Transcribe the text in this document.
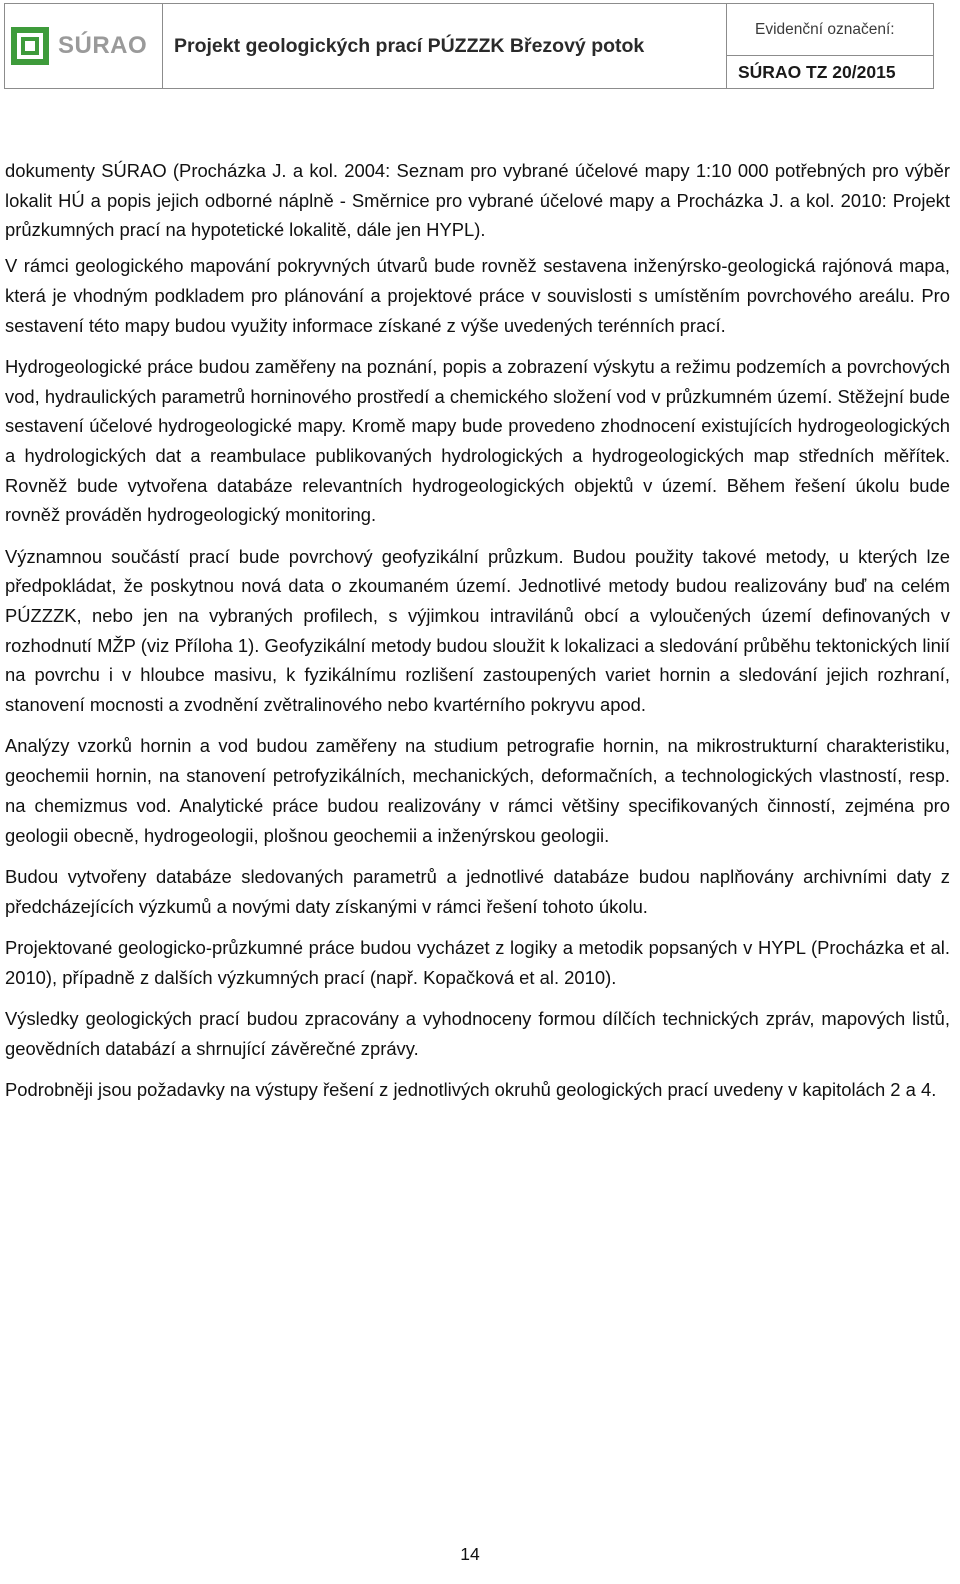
SÚRAO	Projekt geologických prací PÚZZZK Březový potok
Evidenční označení:
SÚRAO TZ 20/2015

dokumenty SÚRAO (Procházka J. a kol. 2004: Seznam pro vybrané účelové mapy 1:10 000 potřebných pro výběr lokalit HÚ a popis jejich odborné náplně - Směrnice pro vybrané účelové mapy a Procházka J. a kol. 2010: Projekt průzkumných prací na hypotetické lokalitě, dále jen HYPL).

V rámci geologického mapování pokryvných útvarů bude rovněž sestavena inženýrsko-geologická rajónová mapa, která je vhodným podkladem pro plánování a projektové práce v souvislosti s umístěním povrchového areálu. Pro sestavení této mapy budou využity informace získané z výše uvedených terénních prací.

Hydrogeologické práce budou zaměřeny na poznání, popis a zobrazení výskytu a režimu podzemích a povrchových vod, hydraulických parametrů horninového prostředí a chemického složení vod v průzkumném území. Stěžejní bude sestavení účelové hydrogeologické mapy. Kromě mapy bude provedeno zhodnocení existujících hydrogeologických a hydrologických dat a reambulace publikovaných hydrologických a hydrogeologických map středních měřítek. Rovněž bude vytvořena databáze relevantních hydrogeologických objektů v území. Během řešení úkolu bude rovněž prováděn hydrogeologický monitoring.

Významnou součástí prací bude povrchový geofyzikální průzkum. Budou použity takové metody, u kterých lze předpokládat, že poskytnou nová data o zkoumaném území. Jednotlivé metody budou realizovány buď na celém PÚZZZK, nebo jen na vybraných profilech, s výjimkou intravilánů obcí a vyloučených území definovaných v rozhodnutí MŽP (viz Příloha 1). Geofyzikální metody budou sloužit k lokalizaci a sledování průběhu tektonických linií na povrchu i v hloubce masivu, k fyzikálnímu rozlišení zastoupených variet hornin a sledování jejich rozhraní, stanovení mocnosti a zvodnění zvětralinového nebo kvartérního pokryvu apod.

Analýzy vzorků hornin a vod budou zaměřeny na studium petrografie hornin, na mikrostrukturní charakteristiku, geochemii hornin, na stanovení petrofyzikálních, mechanických, deformačních, a technologických vlastností, resp. na chemizmus vod. Analytické práce budou realizovány v rámci většiny specifikovaných činností, zejména pro geologii obecně, hydrogeologii, plošnou geochemii a inženýrskou geologii.

Budou vytvořeny databáze sledovaných parametrů a jednotlivé databáze budou naplňovány archivními daty z předcházejících výzkumů a novými daty získanými v rámci řešení tohoto úkolu.

Projektované geologicko-průzkumné práce budou vycházet z logiky a metodik popsaných v HYPL (Procházka et al. 2010), případně z dalších výzkumných prací (např. Kopačková et al. 2010).

Výsledky geologických prací budou zpracovány a vyhodnoceny formou dílčích technických zpráv, mapových listů, geovědních databází a shrnující závěrečné zprávy.

Podrobněji jsou požadavky na výstupy řešení z jednotlivých okruhů geologických prací uvedeny v kapitolách 2 a 4.

14
